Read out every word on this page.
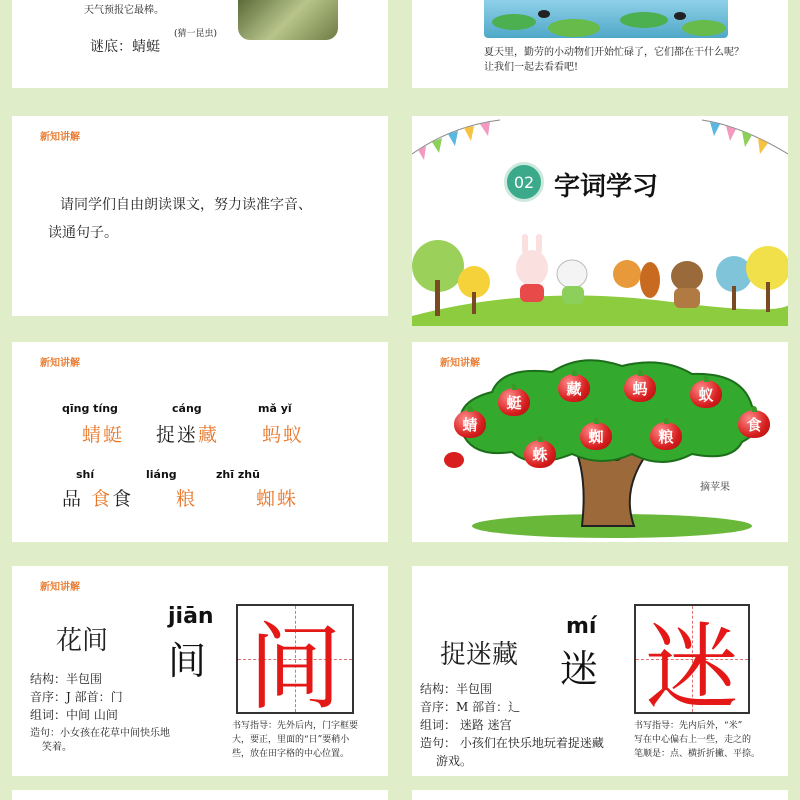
天气预报它最棒。
(猜一昆虫)
谜底：蜻蜓	夏天里，勤劳的小动物们开始忙碌了，它们都在干什么呢？
让我们一起去看看吧!
新知讲解
请同学们自由朗读课文，努力读准字音、
读通句子。
02 字词学习
新知讲解
qīng tíng
蜻蜓
cáng
捉迷藏
mǎ yǐ
蚂蚁
shí
品 食食
liáng
粮
zhī zhū
蜘蛛
新知讲解
蜓
藏	蚂	蚁
蜻	食
蜘	粮
蛛
摘苹果
新知讲解
花间
jiān
间 间
结构：半包围
音序：J 部首：门
组词：中间 山间
造句：小女孩在花草中间快乐地
笑着。
书写指导：先外后内，门字框要
大，要正，里面的“日”要稍小
些，放在田字格的中心位置。
捉迷藏
mí
迷 迷
结构：半包围
音序：M 部首：辶
组词： 迷路 迷宫
造句： 小孩们在快乐地玩着捉迷藏
游戏。
书写指导：先内后外，“米”
写在中心偏右上一些，走之的
笔顺是：点、横折折撇、平捺。
